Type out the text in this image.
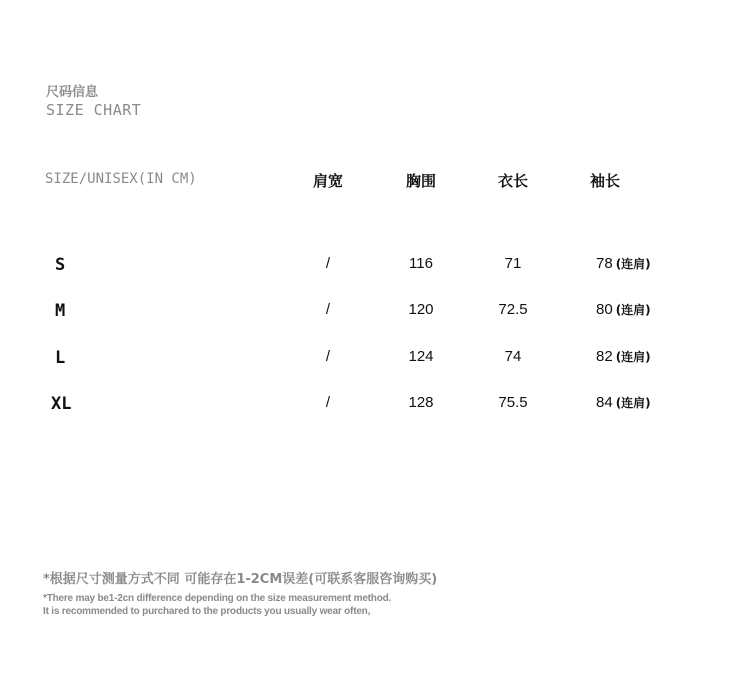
尺码信息
SIZE CHART
SIZE/UNISEX(IN CM)	肩宽	胸围	衣长	袖长
S	/	116	71	78 (连肩)
M	/	120	72.5	80 (连肩)
L	/	124	74	82 (连肩)
XL	/	128	75.5	84 (连肩)
*根据尺寸测量方式不同 可能存在1-2CM误差(可联系客服咨询购买)
*There may be1-2cn difference depending on the size measurement method.
It is recommended to purchared to the products you usually wear often,
